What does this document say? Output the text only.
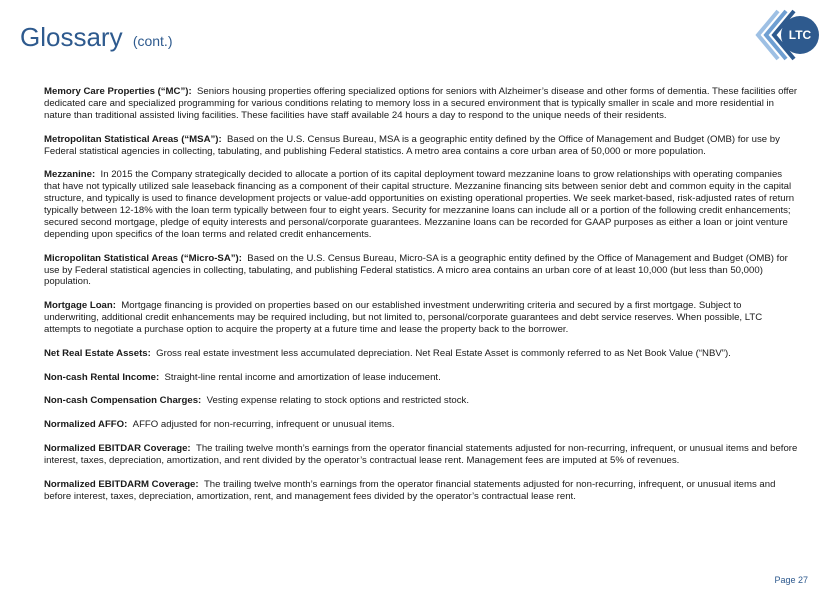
Glossary (cont.)	LTC
NYSE

Memory Care Properties (“MC”): Seniors housing properties offering specialized options for seniors with Alzheimer’s disease and other forms of dementia. These facilities offer dedicated care and specialized programming for various conditions relating to memory loss in a secured environment that is typically smaller in scale and more residential in nature than traditional assisted living facilities. These facilities have staff available 24 hours a day to respond to the unique needs of their residents.

Metropolitan Statistical Areas (“MSA”): Based on the U.S. Census Bureau, MSA is a geographic entity defined by the Office of Management and Budget (OMB) for use by Federal statistical agencies in collecting, tabulating, and publishing Federal statistics. A metro area contains a core urban area of 50,000 or more population.

Mezzanine: In 2015 the Company strategically decided to allocate a portion of its capital deployment toward mezzanine loans to grow relationships with operating companies that have not typically utilized sale leaseback financing as a component of their capital structure. Mezzanine financing sits between senior debt and common equity in the capital structure, and typically is used to finance development projects or value-add opportunities on existing operational properties. We seek market-based, risk-adjusted rates of return typically between 12-18% with the loan term typically between four to eight years. Security for mezzanine loans can include all or a portion of the following credit enhancements; secured second mortgage, pledge of equity interests and personal/corporate guarantees. Mezzanine loans can be recorded for GAAP purposes as either a loan or joint venture depending upon specifics of the loan terms and related credit enhancements.

Micropolitan Statistical Areas (“Micro-SA”): Based on the U.S. Census Bureau, Micro-SA is a geographic entity defined by the Office of Management and Budget (OMB) for use by Federal statistical agencies in collecting, tabulating, and publishing Federal statistics. A micro area contains an urban core of at least 10,000 (but less than 50,000) population.

Mortgage Loan: Mortgage financing is provided on properties based on our established investment underwriting criteria and secured by a first mortgage. Subject to underwriting, additional credit enhancements may be required including, but not limited to, personal/corporate guarantees and debt service reserves. When possible, LTC attempts to negotiate a purchase option to acquire the property at a future time and lease the property back to the borrower.

Net Real Estate Assets: Gross real estate investment less accumulated depreciation. Net Real Estate Asset is commonly referred to as Net Book Value (“NBV”).

Non-cash Rental Income: Straight-line rental income and amortization of lease inducement.

Non-cash Compensation Charges: Vesting expense relating to stock options and restricted stock.

Normalized AFFO: AFFO adjusted for non-recurring, infrequent or unusual items.

Normalized EBITDAR Coverage: The trailing twelve month’s earnings from the operator financial statements adjusted for non-recurring, infrequent, or unusual items and before interest, taxes, depreciation, amortization, and rent divided by the operator’s contractual lease rent. Management fees are imputed at 5% of revenues.

Normalized EBITDARM Coverage: The trailing twelve month’s earnings from the operator financial statements adjusted for non-recurring, infrequent, or unusual items and before interest, taxes, depreciation, amortization, rent, and management fees divided by the operator’s contractual lease rent.

Page 27
